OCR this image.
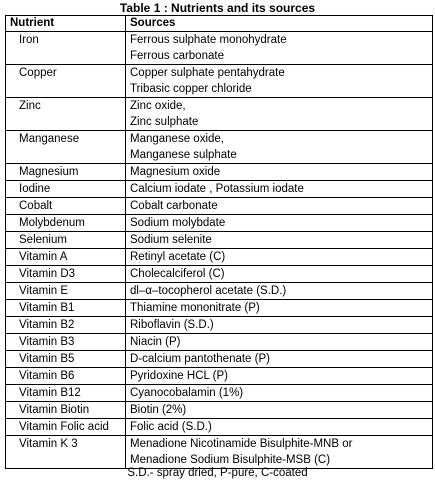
Table 1 : Nutrients and its sources
Nutrient	Sources
Iron	Ferrous sulphate monohydrate
Ferrous carbonate

Copper	Copper sulphate pentahydrate
Tribasic copper chloride

Zinc	Zinc oxide,
Zinc sulphate

Manganese	Manganese oxide,
Manganese sulphate

Magnesium	Magnesium oxide

Iodine	Calcium iodate , Potassium iodate

Cobalt	Cobalt carbonate

Molybdenum	Sodium molybdate

Selenium	Sodium selenite

Vitamin A	Retinyl acetate (C)

Vitamin D3	Cholecalciferol (C)

Vitamin E	dl–α–tocopherol acetate (S.D.)

Vitamin B1	Thiamine mononitrate (P)

Vitamin B2	Riboflavin (S.D.)

Vitamin B3	Niacin (P)

Vitamin B5	D-calcium pantothenate (P)

Vitamin B6	Pyridoxine HCL (P)

Vitamin B12	Cyanocobalamin (1%)

Vitamin Biotin	Biotin (2%)

Vitamin Folic acid	Folic acid (S.D.)

Vitamin K 3	Menadione Nicotinamide Bisulphite-MNB or
Menadione Sodium Bisulphite-MSB (C)
S.D.- spray dried, P-pure, C-coated
